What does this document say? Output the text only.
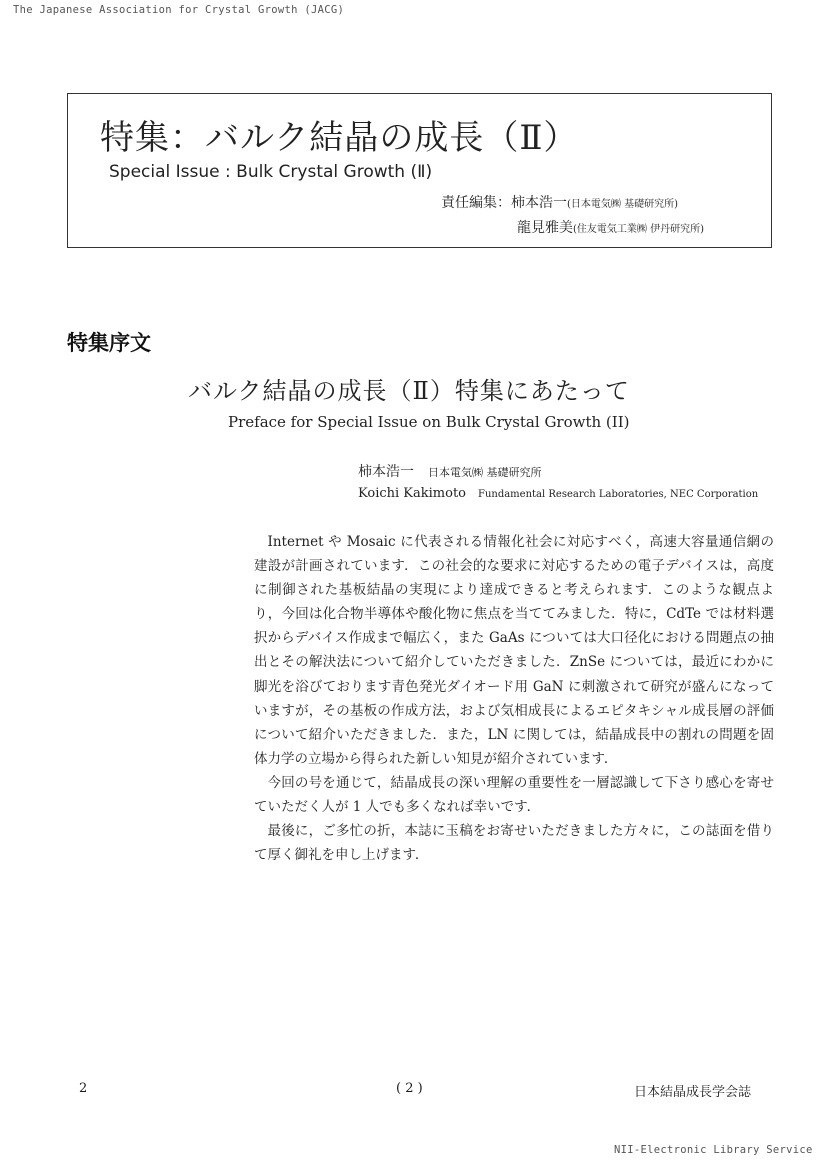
The Japanese Association for Crystal Growth (JACG)
特集：バルク結晶の成長（Ⅱ）
Special Issue : Bulk Crystal Growth (Ⅱ)
責任編集：柿本浩一(日本電気㈱ 基礎研究所)
龍見雅美(住友電気工業㈱ 伊丹研究所)
特集序文
バルク結晶の成長（Ⅱ）特集にあたって
Preface for Special Issue on Bulk Crystal Growth (II)
柿本浩一 日本電気㈱ 基礎研究所
Koichi Kakimoto Fundamental Research Laboratories, NEC Corporation

Internet や Mosaic に代表される情報化社会に対応すべく，高速大容量通信網の建設が計画されています．この社会的な要求に対応するための電子デバイスは，高度に制御された基板結晶の実現により達成できると考えられます．このような観点より，今回は化合物半導体や酸化物に焦点を当ててみました．特に，CdTe では材料選択からデバイス作成まで幅広く，また GaAs については大口径化における問題点の抽出とその解決法について紹介していただきました．ZnSe については，最近にわかに脚光を浴びております青色発光ダイオード用 GaN に刺激されて研究が盛んになっていますが，その基板の作成方法，および気相成長によるエピタキシャル成長層の評価について紹介いただきました．また，LN に関しては，結晶成長中の割れの問題を固体力学の立場から得られた新しい知見が紹介されています．

今回の号を通じて，結晶成長の深い理解の重要性を一層認識して下さり感心を寄せていただく人が 1 人でも多くなれば幸いです．

最後に，ご多忙の折，本誌に玉稿をお寄せいただきました方々に，この誌面を借りて厚く御礼を申し上げます．

2	( 2 )	日本結晶成長学会誌
NII-Electronic Library Service
